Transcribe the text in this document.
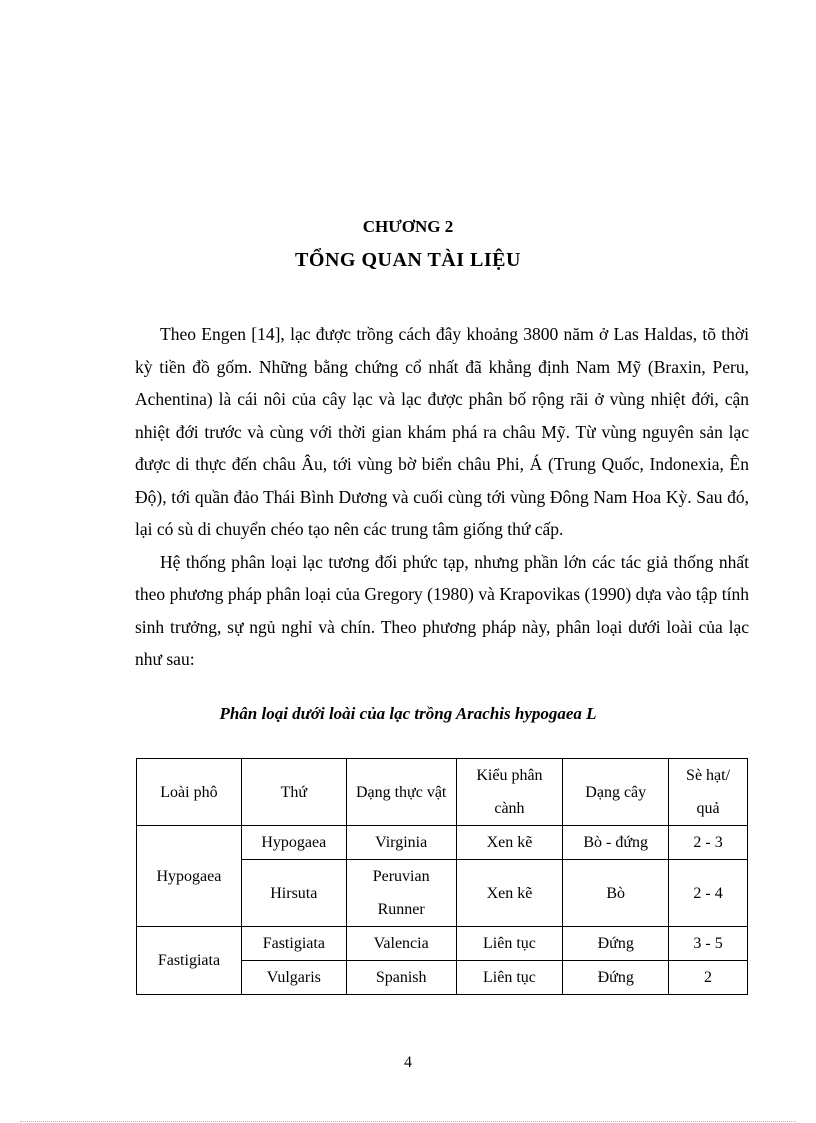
CHƯƠNG 2
TỔNG QUAN TÀI LIỆU

Theo Engen [14], lạc được trồng cách đây khoảng 3800 năm ở Las Haldas, tõ thời kỳ tiền đồ gốm. Những bằng chứng cổ nhất đã khẳng định Nam Mỹ (Braxin, Peru, Achentina) là cái nôi của cây lạc và lạc được phân bố rộng rãi ở vùng nhiệt đới, cận nhiệt đới trước và cùng với thời gian khám phá ra châu Mỹ. Từ vùng nguyên sản lạc được di thực đến châu Âu, tới vùng bờ biển châu Phi, Á (Trung Quốc, Indonexia, Ên Độ), tới quần đảo Thái Bình Dương và cuối cùng tới vùng Đông Nam Hoa Kỳ. Sau đó, lại có sù di chuyển chéo tạo nên các trung tâm giống thứ cấp.

Hệ thống phân loại lạc tương đối phức tạp, nhưng phần lớn các tác giả thống nhất theo phương pháp phân loại của Gregory (1980) và Krapovikas (1990) dựa vào tập tính sinh trưởng, sự ngủ nghỉ và chín. Theo phương pháp này, phân loại dưới loài của lạc như sau:

Phân loại dưới loài của lạc trồng Arachis hypogaea L
Loài phô	Thứ	Dạng thực vật	Kiểu phân cành	Dạng cây	Sè hạt/ quả
Hypogaea	Hypogaea	Virginia	Xen kẽ	Bò - đứng	2 - 3
	Hirsuta	Peruvian Runner	Xen kẽ	Bò	2 - 4
Fastigiata	Fastigiata	Valencia	Liên tục	Đứng	3 - 5
	Vulgaris	Spanish	Liên tục	Đứng	2
4
